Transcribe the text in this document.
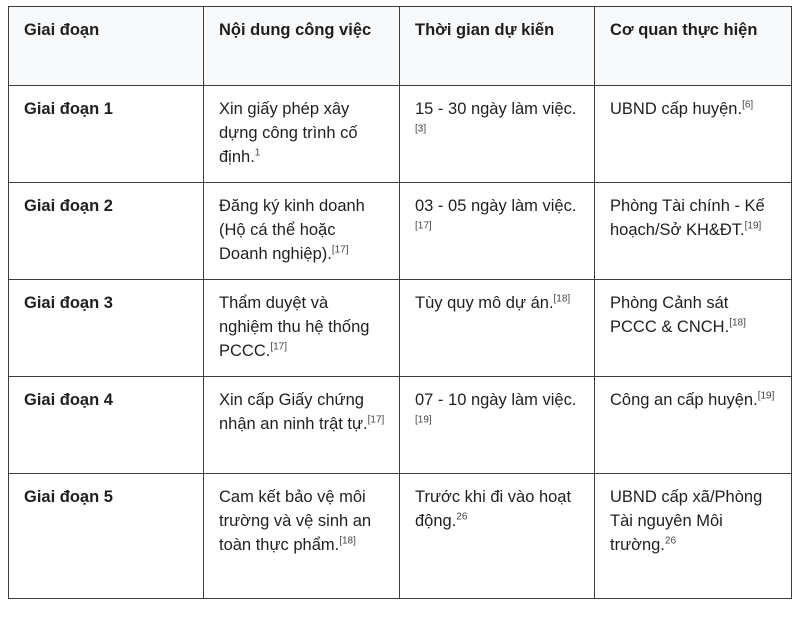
Giai đoạn	Nội dung công việc	Thời gian dự kiến	Cơ quan thực hiện
Giai đoạn 1	Xin giấy phép xây dựng công trình cố định.$^1$	15 - 30 ngày làm việc.[3]	UBND cấp huyện.[6]
Giai đoạn 2	Đăng ký kinh doanh (Hộ cá thể hoặc Doanh nghiệp).[17]	03 - 05 ngày làm việc.[17]	Phòng Tài chính - Kế hoạch/Sở KH&ĐT.[19]
Giai đoạn 3	Thẩm duyệt và nghiệm thu hệ thống PCCC.[17]	Tùy quy mô dự án.[18]	Phòng Cảnh sát PCCC & CNCH.[18]
Giai đoạn 4	Xin cấp Giấy chứng nhận an ninh trật tự.[17]	07 - 10 ngày làm việc.[19]	Công an cấp huyện.[19]
Giai đoạn 5	Cam kết bảo vệ môi trường và vệ sinh an toàn thực phẩm.[18]	Trước khi đi vào hoạt động.$^{26}$	UBND cấp xã/Phòng Tài nguyên Môi trường.$^{26}$
